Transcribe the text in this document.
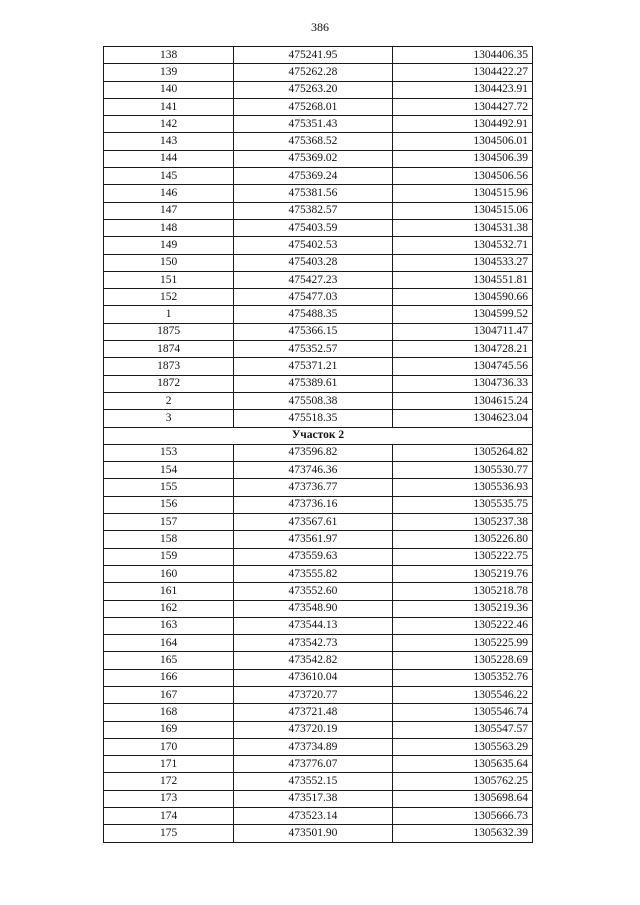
386
138	475241.95	1304406.35
139	475262.28	1304422.27
140	475263.20	1304423.91
141	475268.01	1304427.72
142	475351.43	1304492.91
143	475368.52	1304506.01
144	475369.02	1304506.39
145	475369.24	1304506.56
146	475381.56	1304515.96
147	475382.57	1304515.06
148	475403.59	1304531.38
149	475402.53	1304532.71
150	475403.28	1304533.27
151	475427.23	1304551.81
152	475477.03	1304590.66
1	475488.35	1304599.52
1875	475366.15	1304711.47
1874	475352.57	1304728.21
1873	475371.21	1304745.56
1872	475389.61	1304736.33
2	475508.38	1304615.24
3	475518.35	1304623.04
Участок 2		
153	473596.82	1305264.82
154	473746.36	1305530.77
155	473736.77	1305536.93
156	473736.16	1305535.75
157	473567.61	1305237.38
158	473561.97	1305226.80
159	473559.63	1305222.75
160	473555.82	1305219.76
161	473552.60	1305218.78
162	473548.90	1305219.36
163	473544.13	1305222.46
164	473542.73	1305225.99
165	473542.82	1305228.69
166	473610.04	1305352.76
167	473720.77	1305546.22
168	473721.48	1305546.74
169	473720.19	1305547.57
170	473734.89	1305563.29
171	473776.07	1305635.64
172	473552.15	1305762.25
173	473517.38	1305698.64
174	473523.14	1305666.73
175	473501.90	1305632.39
